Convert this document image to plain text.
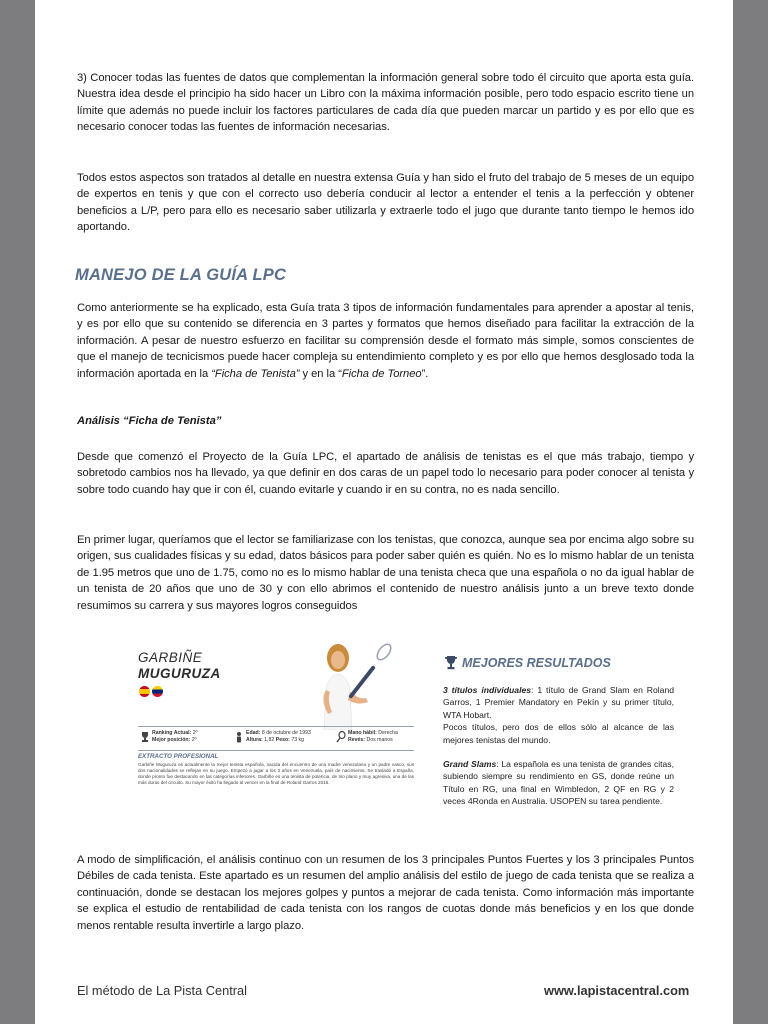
3) Conocer todas las fuentes de datos que complementan la información general sobre todo él circuito que aporta esta guía. Nuestra idea desde el principio ha sido hacer un Libro con la máxima información posible, pero todo espacio escrito tiene un límite que además no puede incluir los factores particulares de cada día que pueden marcar un partido y es por ello que es necesario conocer todas las fuentes de información necesarias.

Todos estos aspectos son tratados al detalle en nuestra extensa Guía y han sido el fruto del trabajo de 5 meses de un equipo de expertos en tenis y que con el correcto uso debería conducir al lector a entender el tenis a la perfección y obtener beneficios a L/P, pero para ello es necesario saber utilizarla y extraerle todo el jugo que durante tanto tiempo le hemos ido aportando.

MANEJO DE LA GUÍA LPC

Como anteriormente se ha explicado, esta Guía trata 3 tipos de información fundamentales para aprender a apostar al tenis, y es por ello que su contenido se diferencia en 3 partes y formatos que hemos diseñado para facilitar la extracción de la información. A pesar de nuestro esfuerzo en facilitar su comprensión desde el formato más simple, somos conscientes de que el manejo de tecnicismos puede hacer compleja su entendimiento completo y es por ello que hemos desglosado toda la información aportada en la “Ficha de Tenista” y en la “Ficha de Torneo”.

Análisis “Ficha de Tenista”

Desde que comenzó el Proyecto de la Guía LPC, el apartado de análisis de tenistas es el que más trabajo, tiempo y sobretodo cambios nos ha llevado, ya que definir en dos caras de un papel todo lo necesario para poder conocer al tenista y sobre todo cuando hay que ir con él, cuando evitarle y cuando ir en su contra, no es nada sencillo.

En primer lugar, queríamos que el lector se familiarizase con los tenistas, que conozca, aunque sea por encima algo sobre su origen, sus cualidades físicas y su edad, datos básicos para poder saber quién es quién. No es lo mismo hablar de un tenista de 1.95 metros que uno de 1.75, como no es lo mismo hablar de una tenista checa que una española o no da igual hablar de un tenista de 20 años que uno de 30 y con ello abrimos el contenido de nuestro análisis junto a un breve texto donde resumimos su carrera y sus mayores logros conseguidos

GARBIÑE
MUGURUZA
Ranking Actual: 2º
Mejor posición: 2º
Edad: 8 de octubre de 1993
Altura: 1,82 Peso: 73 kg
Mano hábil: Derecha
Revés: Dos manos
EXTRACTO PROFESIONAL
Garbiñe Muguruza es actualmente la mejor tenista española, nacida del encuentro de una madre venezolana y un padre vasco, sus dos nacionalidades se reflejan en su juego. Empezó a jugar a los 3 años en Venezuela, país de nacimiento. Se trasladó a España, donde pronto fue destacando en las categorías inferiores. Garbiñe es una tenista de potencia, de tiro plano y muy agresiva, una de las más duras del circuito. Su mayor éxito ha llegado al vencer en la final de Roland Garros 2016.
MEJORES RESULTADOS
3 títulos individuales: 1 título de Grand Slam en Roland Garros, 1 Premier Mandatory en Pekín y su primer título, WTA Hobart.
Pocos títulos, pero dos de ellos sólo al alcance de las mejores tenistas del mundo.
Grand Slams: La española es una tenista de grandes citas, subiendo siempre su rendimiento en GS, donde reúne un Título en RG, una final en Wimbledon, 2 QF en RG y 2 veces 4Ronda en Australia. USOPEN su tarea pendiente.

A modo de simplificación, el análisis continuo con un resumen de los 3 principales Puntos Fuertes y los 3 principales Puntos Débiles de cada tenista. Este apartado es un resumen del amplio análisis del estilo de juego de cada tenista que se realiza a continuación, donde se destacan los mejores golpes y puntos a mejorar de cada tenista. Como información más importante se explica el estudio de rentabilidad de cada tenista con los rangos de cuotas donde más beneficios y en los que donde menos rentable resulta invertirle a largo plazo.

El método de La Pista Central	www.lapistacentral.com
